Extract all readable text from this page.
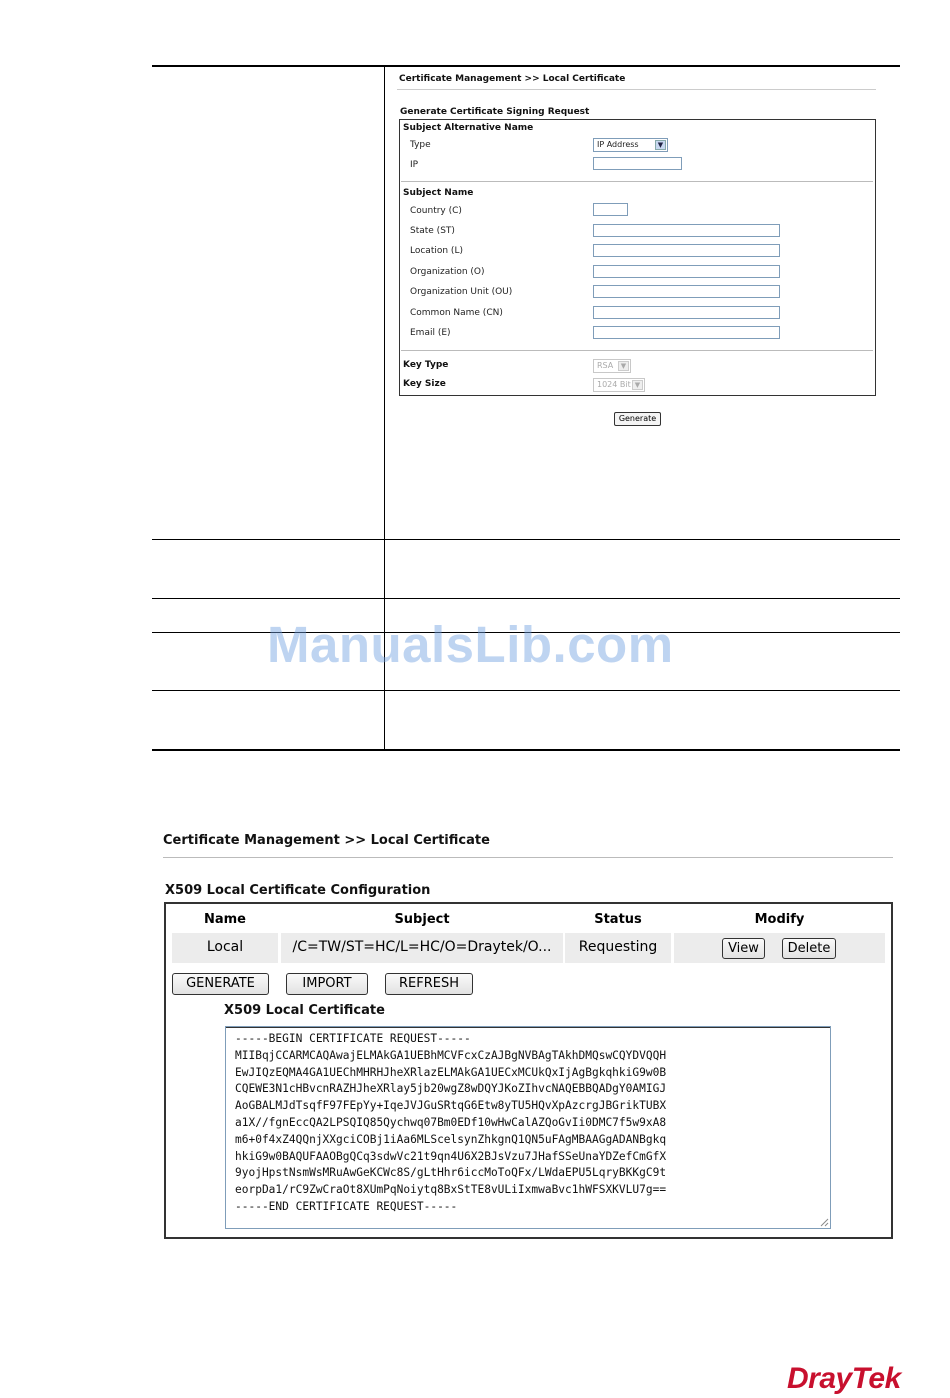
Certificate Management >> Local Certificate
Generate Certificate Signing Request
Subject Alternative Name
Type	IP Address	▼
IP
Subject Name
Country (C)
State (ST)
Location (L)
Organization (O)
Organization Unit (OU)
Common Name (CN)
Email (E)
Key Type	RSA	▼
Key Size	1024 Bit ▼
Generate
ManualsLib.com
Certificate Management >> Local Certificate
X509 Local Certificate Configuration
Name	Subject	Status	Modify
Local	/C=TW/ST=HC/L=HC/O=Draytek/O...	Requesting	View	Delete
GENERATE	IMPORT	REFRESH
X509 Local Certificate
-----BEGIN CERTIFICATE REQUEST-----
MIIBqjCCARMCAQAwajELMAkGA1UEBhMCVFcxCzAJBgNVBAgTAkhDMQswCQYDVQQH
EwJIQzEQMA4GA1UEChMHRHJheXRlazELMAkGA1UECxMCUkQxIjAgBgkqhkiG9w0B
CQEWE3N1cHBvcnRAZHJheXRlay5jb20wgZ8wDQYJKoZIhvcNAQEBBQADgY0AMIGJ
AoGBALMJdTsqfF97FEpYy+IqeJVJGuSRtqG6Etw8yTU5HQvXpAzcrgJBGrikTUBX
a1X//fgnEccQA2LPSQIQ85Qychwq07Bm0EDf10wHwCalAZQoGvIi0DMC7f5w9xA8
m6+0f4xZ4QQnjXXgciCOBj1iAa6MLScelsynZhkgnQ1QN5uFAgMBAAGgADANBgkq
hkiG9w0BAQUFAAOBgQCq3sdwVc21t9qn4U6X2BJsVzu7JHafSSeUnaYDZefCmGfX
9yojHpstNsmWsMRuAwGeKCWc8S/gLtHhr6iccMoToQFx/LWdaEPU5LqryBKKgC9t
eorpDa1/rC9ZwCraOt8XUmPqNoiytq8BxStTE8vULiIxmwaBvc1hWFSXKVLU7g==
-----END CERTIFICATE REQUEST-----
DrayTek
